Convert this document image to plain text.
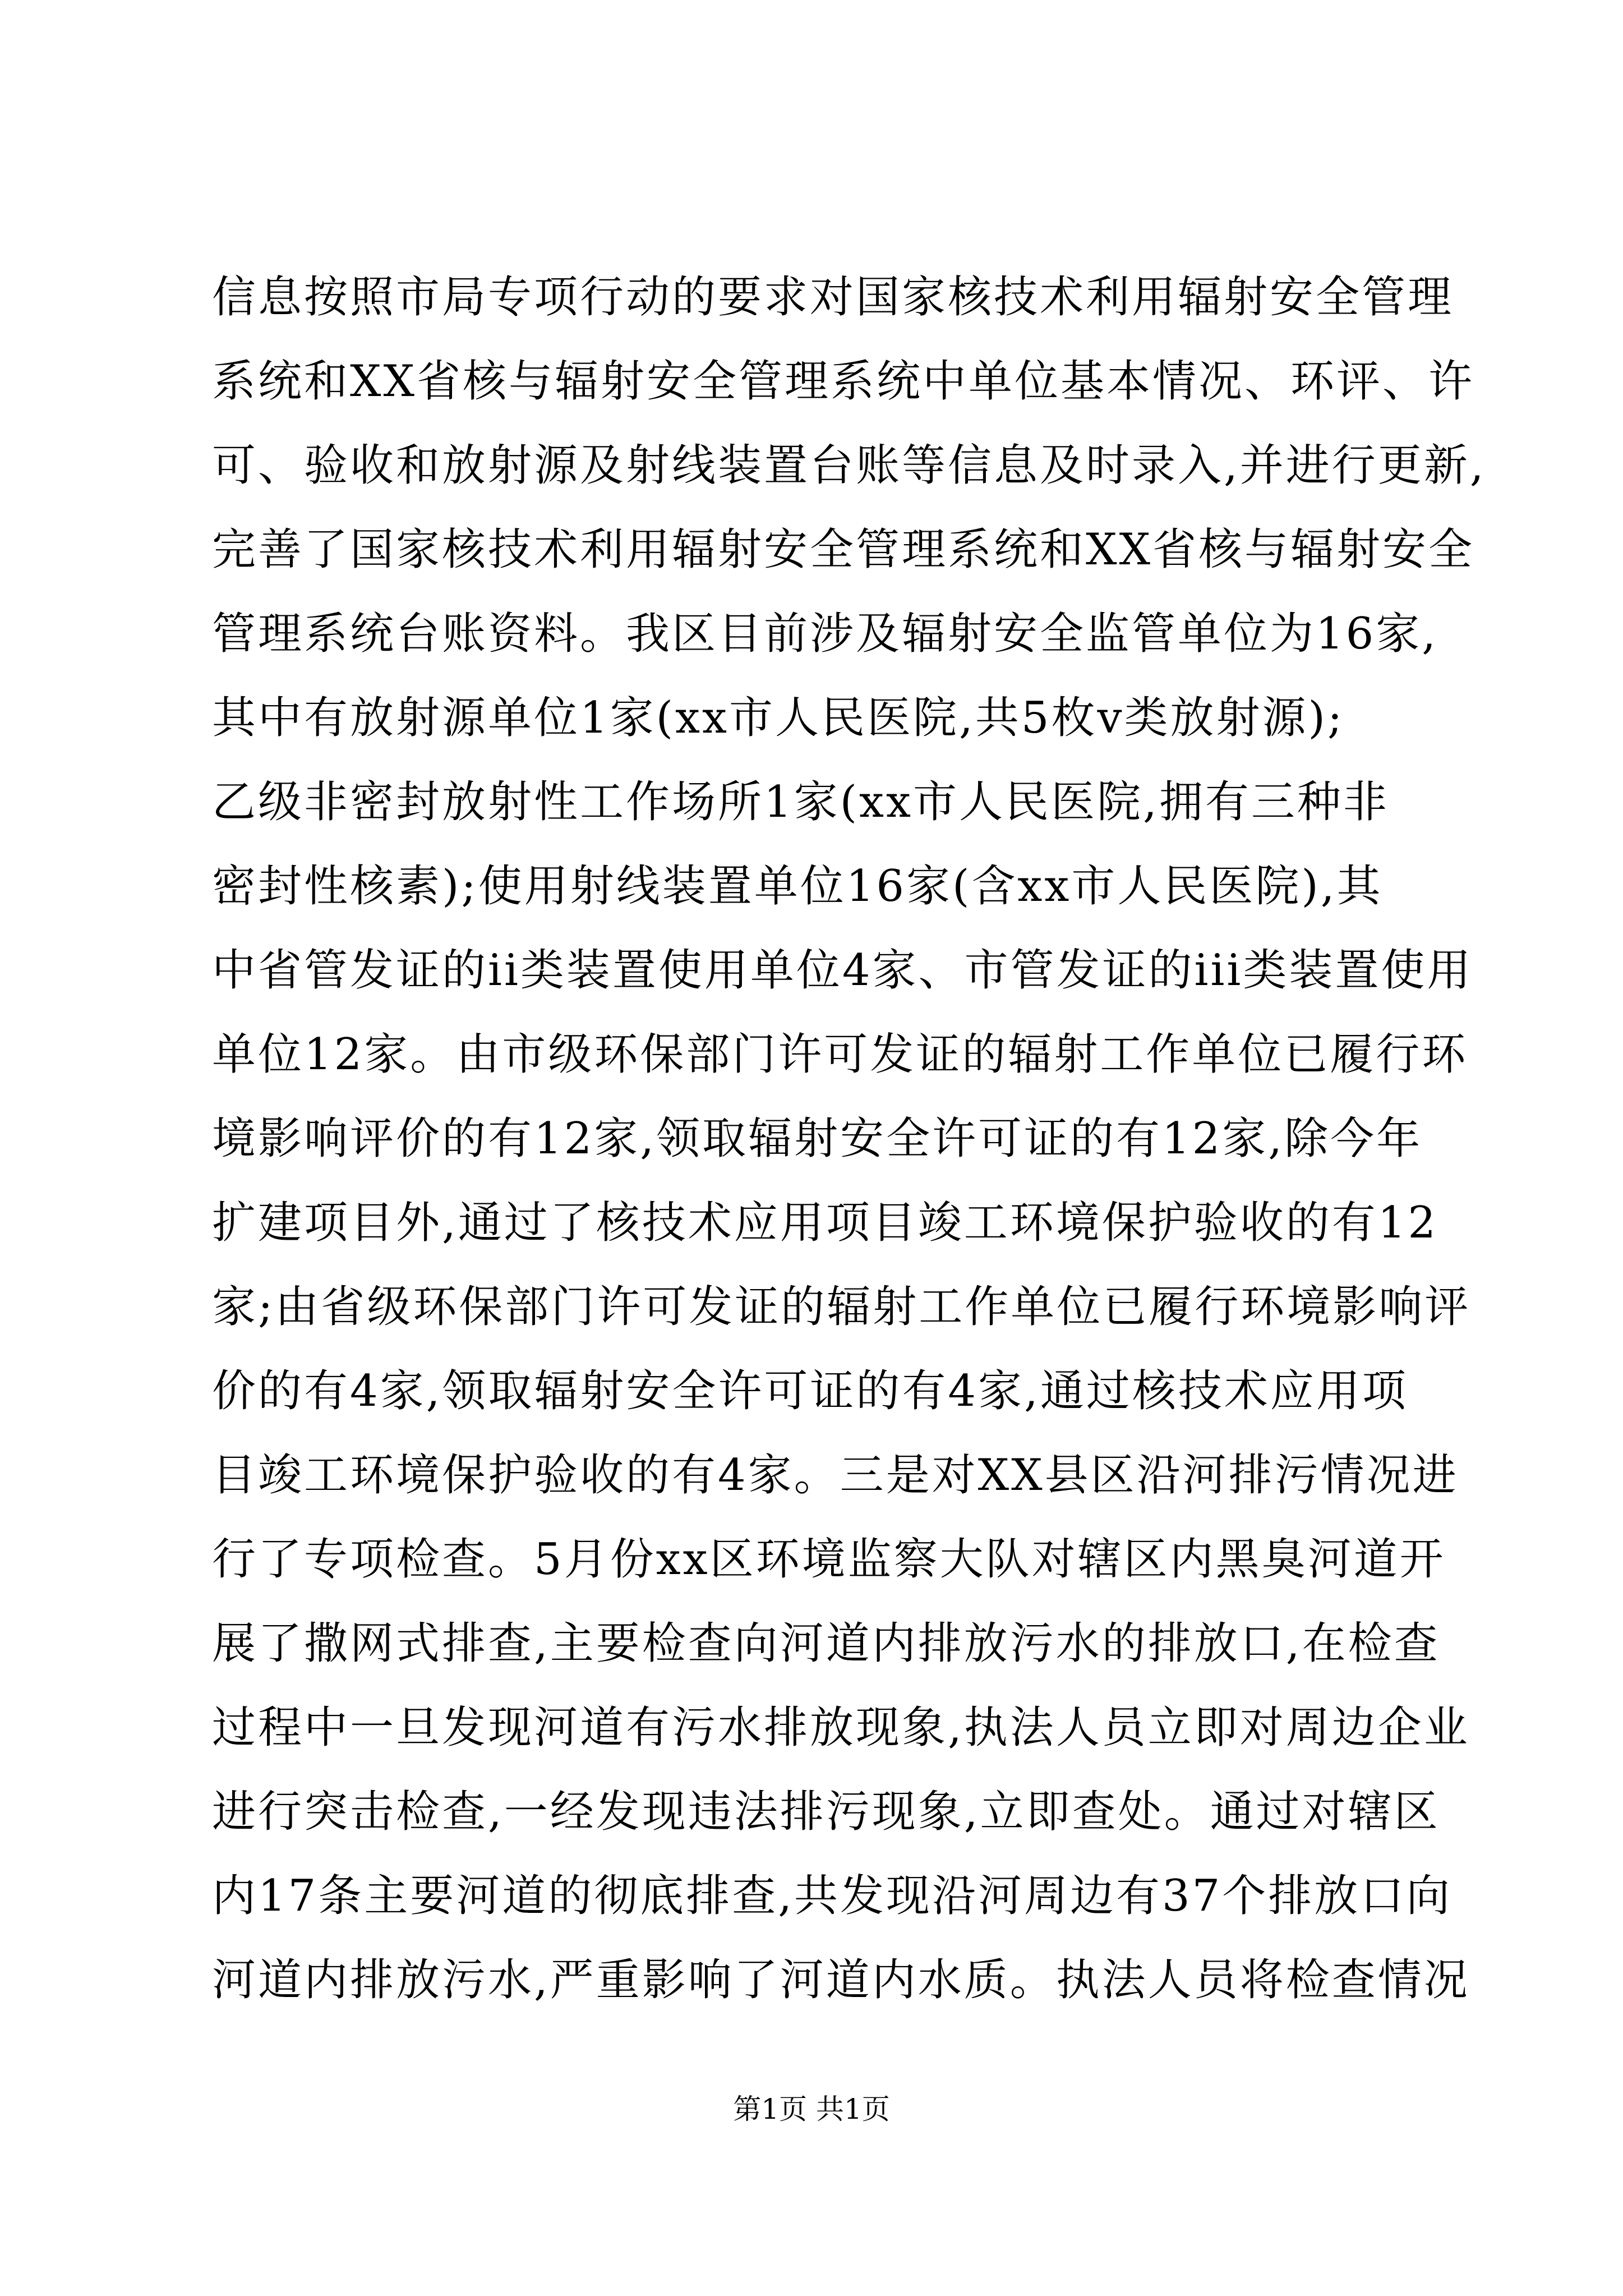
信息按照市局专项行动的要求对国家核技术利用辐射安全管理
系统和XX省核与辐射安全管理系统中单位基本情况、环评、许
可、验收和放射源及射线装置台账等信息及时录入,并进行更新,
完善了国家核技术利用辐射安全管理系统和XX省核与辐射安全
管理系统台账资料。我区目前涉及辐射安全监管单位为16家,
其中有放射源单位1家(xx市人民医院,共5枚v类放射源);
乙级非密封放射性工作场所1家(xx市人民医院,拥有三种非
密封性核素);使用射线装置单位16家(含xx市人民医院),其
中省管发证的ii类装置使用单位4家、市管发证的iii类装置使用
单位12家。由市级环保部门许可发证的辐射工作单位已履行环
境影响评价的有12家,领取辐射安全许可证的有12家,除今年
扩建项目外,通过了核技术应用项目竣工环境保护验收的有12
家;由省级环保部门许可发证的辐射工作单位已履行环境影响评
价的有4家,领取辐射安全许可证的有4家,通过核技术应用项
目竣工环境保护验收的有4家。三是对XX县区沿河排污情况进
行了专项检查。5月份xx区环境监察大队对辖区内黑臭河道开
展了撒网式排查,主要检查向河道内排放污水的排放口,在检查
过程中一旦发现河道有污水排放现象,执法人员立即对周边企业
进行突击检查,一经发现违法排污现象,立即查处。通过对辖区
内17条主要河道的彻底排查,共发现沿河周边有37个排放口向
河道内排放污水,严重影响了河道内水质。执法人员将检查情况
第1页 共1页
